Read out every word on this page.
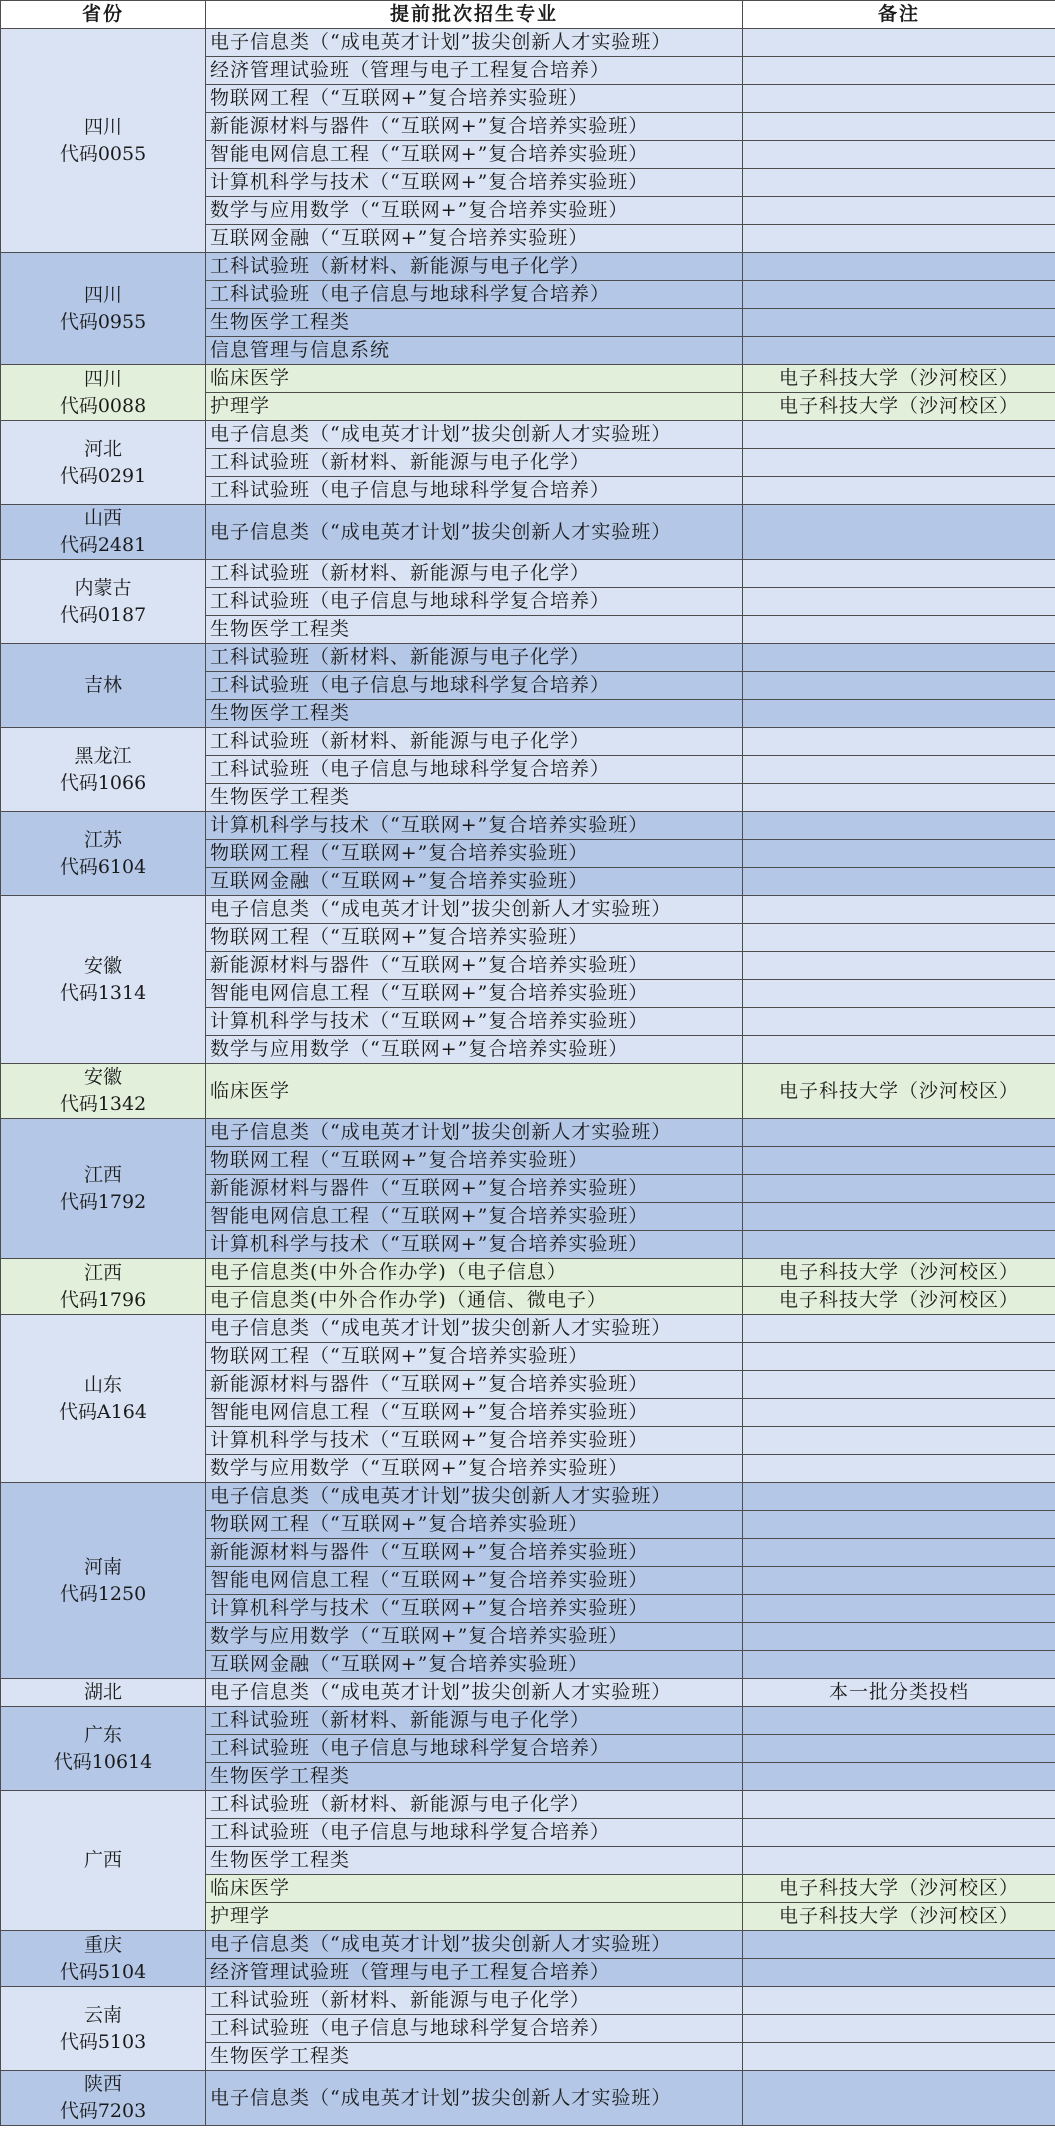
省份	提前批次招生专业	备注

四川
代码0055	电子信息类（“成电英才计划”拔尖创新人才实验班）	
	经济管理试验班（管理与电子工程复合培养）	
	物联网工程（“互联网+”复合培养实验班）	
	新能源材料与器件（“互联网+”复合培养实验班）	
	智能电网信息工程（“互联网+”复合培养实验班）	
	计算机科学与技术（“互联网+”复合培养实验班）	
	数学与应用数学（“互联网+”复合培养实验班）	
	互联网金融（“互联网+”复合培养实验班）	

四川
代码0955	工科试验班（新材料、新能源与电子化学）	
	工科试验班（电子信息与地球科学复合培养）	
	生物医学工程类	
	信息管理与信息系统	

四川
代码0088	临床医学	电子科技大学（沙河校区）
	护理学	电子科技大学（沙河校区）

河北
代码0291	电子信息类（“成电英才计划”拔尖创新人才实验班）	
	工科试验班（新材料、新能源与电子化学）	
	工科试验班（电子信息与地球科学复合培养）	

山西
代码2481	电子信息类（“成电英才计划”拔尖创新人才实验班）	

内蒙古
代码0187	工科试验班（新材料、新能源与电子化学）	
	工科试验班（电子信息与地球科学复合培养）	
	生物医学工程类	

吉林	工科试验班（新材料、新能源与电子化学）	
	工科试验班（电子信息与地球科学复合培养）	
	生物医学工程类	

黑龙江
代码1066	工科试验班（新材料、新能源与电子化学）	
	工科试验班（电子信息与地球科学复合培养）	
	生物医学工程类	

江苏
代码6104	计算机科学与技术（“互联网+”复合培养实验班）	
	物联网工程（“互联网+”复合培养实验班）	
	互联网金融（“互联网+”复合培养实验班）	

安徽
代码1314	电子信息类（“成电英才计划”拔尖创新人才实验班）	
	物联网工程（“互联网+”复合培养实验班）	
	新能源材料与器件（“互联网+”复合培养实验班）	
	智能电网信息工程（“互联网+”复合培养实验班）	
	计算机科学与技术（“互联网+”复合培养实验班）	
	数学与应用数学（“互联网+”复合培养实验班）	

安徽
代码1342	临床医学	电子科技大学（沙河校区）

江西
代码1792	电子信息类（“成电英才计划”拔尖创新人才实验班）	
	物联网工程（“互联网+”复合培养实验班）	
	新能源材料与器件（“互联网+”复合培养实验班）	
	智能电网信息工程（“互联网+”复合培养实验班）	
	计算机科学与技术（“互联网+”复合培养实验班）	

江西
代码1796	电子信息类(中外合作办学)（电子信息）	电子科技大学（沙河校区）
	电子信息类(中外合作办学)（通信、微电子）	电子科技大学（沙河校区）

山东
代码A164	电子信息类（“成电英才计划”拔尖创新人才实验班）	
	物联网工程（“互联网+”复合培养实验班）	
	新能源材料与器件（“互联网+”复合培养实验班）	
	智能电网信息工程（“互联网+”复合培养实验班）	
	计算机科学与技术（“互联网+”复合培养实验班）	
	数学与应用数学（“互联网+”复合培养实验班）	

河南
代码1250	电子信息类（“成电英才计划”拔尖创新人才实验班）	
	物联网工程（“互联网+”复合培养实验班）	
	新能源材料与器件（“互联网+”复合培养实验班）	
	智能电网信息工程（“互联网+”复合培养实验班）	
	计算机科学与技术（“互联网+”复合培养实验班）	
	数学与应用数学（“互联网+”复合培养实验班）	
	互联网金融（“互联网+”复合培养实验班）	

湖北	电子信息类（“成电英才计划”拔尖创新人才实验班）	本一批分类投档

广东
代码10614	工科试验班（新材料、新能源与电子化学）	
	工科试验班（电子信息与地球科学复合培养）	
	生物医学工程类	

广西	工科试验班（新材料、新能源与电子化学）	
	工科试验班（电子信息与地球科学复合培养）	
	生物医学工程类	
	临床医学	电子科技大学（沙河校区）
	护理学	电子科技大学（沙河校区）

重庆
代码5104	电子信息类（“成电英才计划”拔尖创新人才实验班）	
	经济管理试验班（管理与电子工程复合培养）	

云南
代码5103	工科试验班（新材料、新能源与电子化学）	
	工科试验班（电子信息与地球科学复合培养）	
	生物医学工程类	

陕西
代码7203	电子信息类（“成电英才计划”拔尖创新人才实验班）	
